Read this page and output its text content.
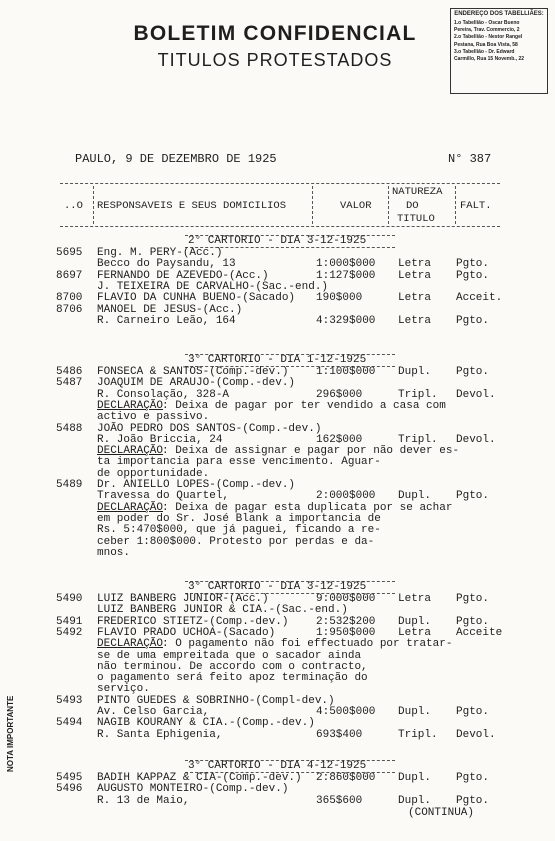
BOLETIM CONFIDENCIAL
TITULOS PROTESTADOS
ENDEREÇO DOS TABELLIÃES:
1.o Tabellião - Oscar Bueno
Pereira, Trav. Commercio, 2
2.o Tabellião - Nestor Rangel
Pestana, Rua Boa Vista, 58
3.o Tabellião - Dr. Edward
Carmillo, Rua 15 Novemb., 22
NOTA IMPORTANTE
PAULO, 9 DE DEZEMBRO DE 1925	N° 387
..O RESPONSAVEIS E SEUS DOMICILIOS	VALOR
NATUREZA
DO
TITULO
FALT.
2° CARTORIO - DIA 3-12-1925
5695 Eng. M. PERY-(Acc.)
Becco do Paysandu, 13	1:000$000 Letra Pgto.
8697 FERNANDO DE AZEVEDO-(Acc.)	1:127$000 Letra Pgto.
J. TEIXEIRA DE CARVALHO-(Sac.-end.)
8700 FLAVIO DA CUNHA BUENO-(Sacado) 190$000	Letra Acceit.
8706 MANOEL DE JESUS-(Acc.)
R. Carneiro Leão, 164	4:329$000 Letra Pgto.
3° CARTORIO - DIA 1-12-1925
5486 FONSECA & SANTOS-(Comp.-dev.)	1:100$000 Dupl. Pgto.
5487 JOAQUIM DE ARAUJO-(Comp.-dev.)
R. Consolação, 328-A	296$000	Tripl. Devol.
DECLARAÇÃO
: Deixa de pagar por ter vendido a casa com
activo e passivo.
5488 JOÃO PEDRO DOS SANTOS-(Comp.-dev.)
R. João Briccia, 24	162$000	Tripl. Devol.
DECLARAÇÃO
: Deixa de assignar e pagar por não dever es-
ta importancia para esse vencimento. Aguar-
de opportunidade.
5489 Dr. ANIELLO LOPES-(Comp.-dev.)
Travessa do Quartel,	2:000$000 Dupl. Pgto.
DECLARAÇÃO
: Deixa de pagar esta duplicata por se achar
em poder do Sr. José Blank a importancia de
Rs. 5:470$000, que já paguei, ficando a re-
ceber 1:800$000. Protesto por perdas e da-
mnos.
3° CARTORIO - DIA 3-12-1925
5490 LUIZ BANBERG JUNIOR-(Acc.)	9:000$000 Letra Pgto.
LUIZ BANBERG JUNIOR & CIA.-(Sac.-end.)
5491 FREDERICO STIETZ-(Comp.-dev.)	2:532$200 Dupl. Pgto.
5492 FLAVIO PRADO UCHOA-(Sacado)	1:950$000 Letra Acceite
DECLARAÇÃO
: O pagamento não foi effectuado por tratar-
se de uma empreitada que o sacador ainda
não terminou. De accordo com o contracto,
o pagamento será feito apoz terminação do
serviço.
5493 PINTO GUEDES & SOBRINHO-(Compl-dev.)
Av. Celso Garcia,	4:500$000 Dupl. Pgto.
5494 NAGIB KOURANY & CIA.-(Comp.-dev.)
R. Santa Ephigenia,	693$400	Tripl. Devol.
3° CARTORIO - DIA 4-12-1925
5495 BADIH KAPPAZ & CIA-(Comp.-dev.) 2:860$000 Dupl. Pgto.
5496 AUGUSTO MONTEIRO-(Comp.-dev.)
R. 13 de Maio,	365$600	Dupl. Pgto.
(CONTINUA)
